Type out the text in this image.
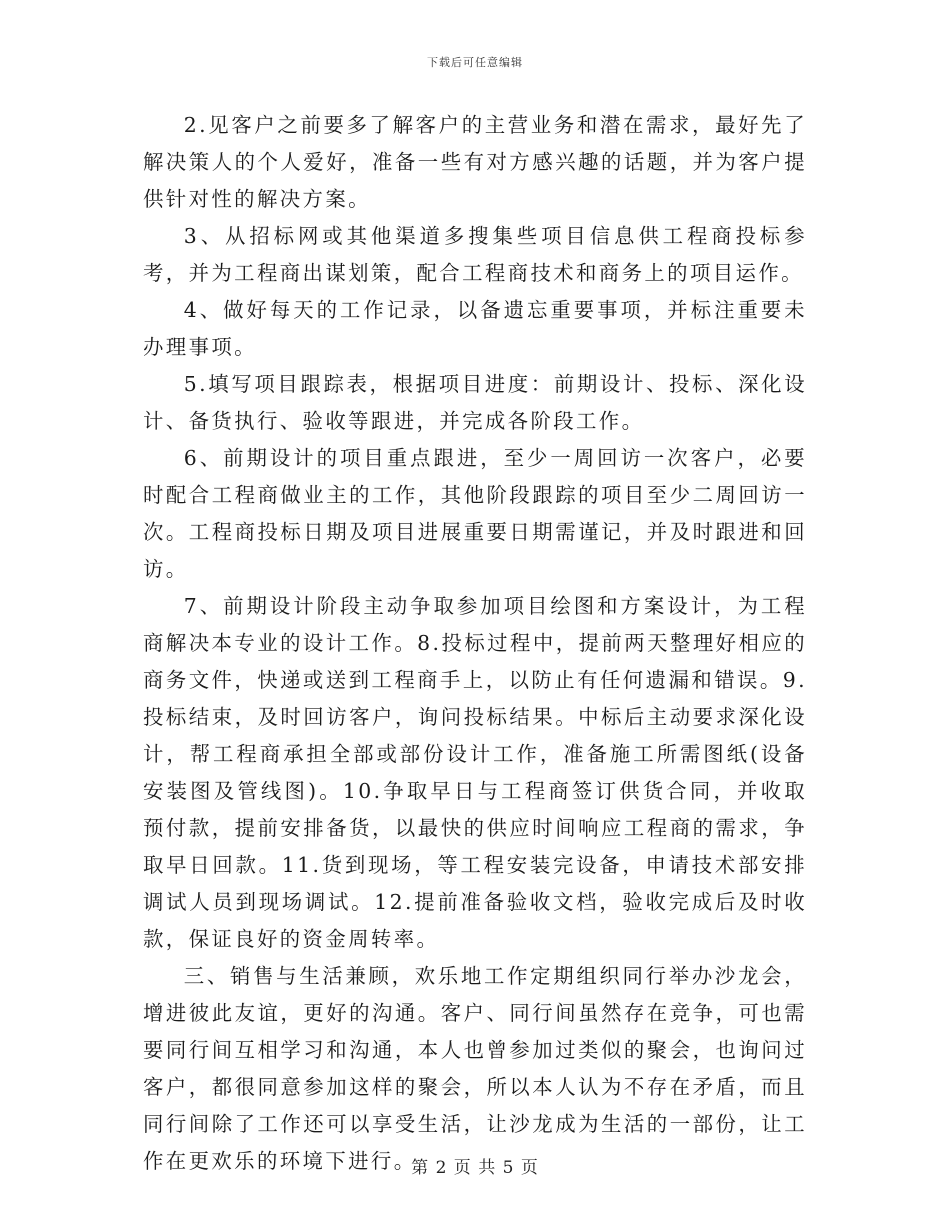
下载后可任意编辑

2.见客户之前要多了解客户的主营业务和潜在需求，最好先了解决策人的个人爱好，准备一些有对方感兴趣的话题，并为客户提供针对性的解决方案。

3、从招标网或其他渠道多搜集些项目信息供工程商投标参考，并为工程商出谋划策，配合工程商技术和商务上的项目运作。

4、做好每天的工作记录，以备遗忘重要事项，并标注重要未办理事项。

5.填写项目跟踪表，根据项目进度：前期设计、投标、深化设计、备货执行、验收等跟进，并完成各阶段工作。

6、前期设计的项目重点跟进，至少一周回访一次客户，必要时配合工程商做业主的工作，其他阶段跟踪的项目至少二周回访一次。工程商投标日期及项目进展重要日期需谨记，并及时跟进和回访。

7、前期设计阶段主动争取参加项目绘图和方案设计，为工程商解决本专业的设计工作。8.投标过程中，提前两天整理好相应的商务文件，快递或送到工程商手上，以防止有任何遗漏和错误。9.投标结束，及时回访客户，询问投标结果。中标后主动要求深化设计，帮工程商承担全部或部份设计工作，准备施工所需图纸(设备安装图及管线图)。10.争取早日与工程商签订供货合同，并收取预付款，提前安排备货，以最快的供应时间响应工程商的需求，争取早日回款。11.货到现场，等工程安装完设备，申请技术部安排调试人员到现场调试。12.提前准备验收文档，验收完成后及时收款，保证良好的资金周转率。

三、销售与生活兼顾，欢乐地工作定期组织同行举办沙龙会，增进彼此友谊，更好的沟通。客户、同行间虽然存在竞争，可也需要同行间互相学习和沟通，本人也曾参加过类似的聚会，也询问过客户，都很同意参加这样的聚会，所以本人认为不存在矛盾，而且同行间除了工作还可以享受生活，让沙龙成为生活的一部份，让工作在更欢乐的环境下进行。

第 2 页 共 5 页
